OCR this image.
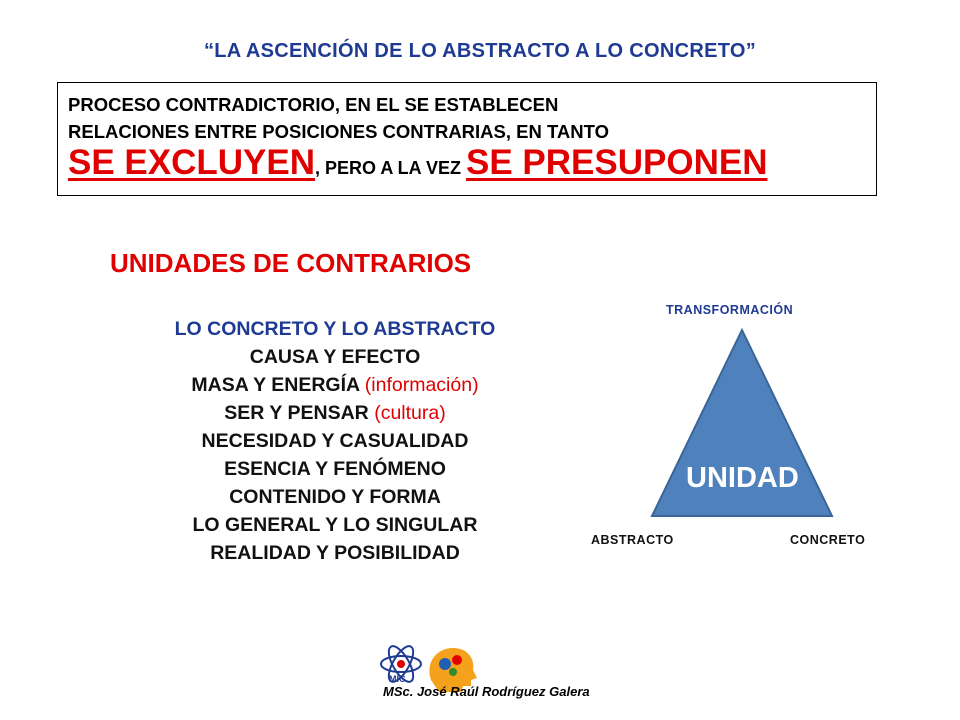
“LA ASCENCIÓN DE LO ABSTRACTO A LO CONCRETO”
PROCESO CONTRADICTORIO, EN EL SE ESTABLECEN
RELACIONES ENTRE POSICIONES CONTRARIAS, EN TANTO
SE EXCLUYEN, PERO A LA VEZ SE PRESUPONEN
UNIDADES DE CONTRARIOS
LO CONCRETO Y LO ABSTRACTO
CAUSA Y EFECTO
MASA Y ENERGÍA (información)
SER Y PENSAR (cultura)
NECESIDAD Y CASUALIDAD
ESENCIA Y FENÓMENO
CONTENIDO Y FORMA
LO GENERAL Y LO SINGULAR
REALIDAD Y POSIBILIDAD
TRANSFORMACIÓN
UNIDAD
ABSTRACTO	CONCRETO
MIC
MSc. José Raúl Rodríguez Galera
